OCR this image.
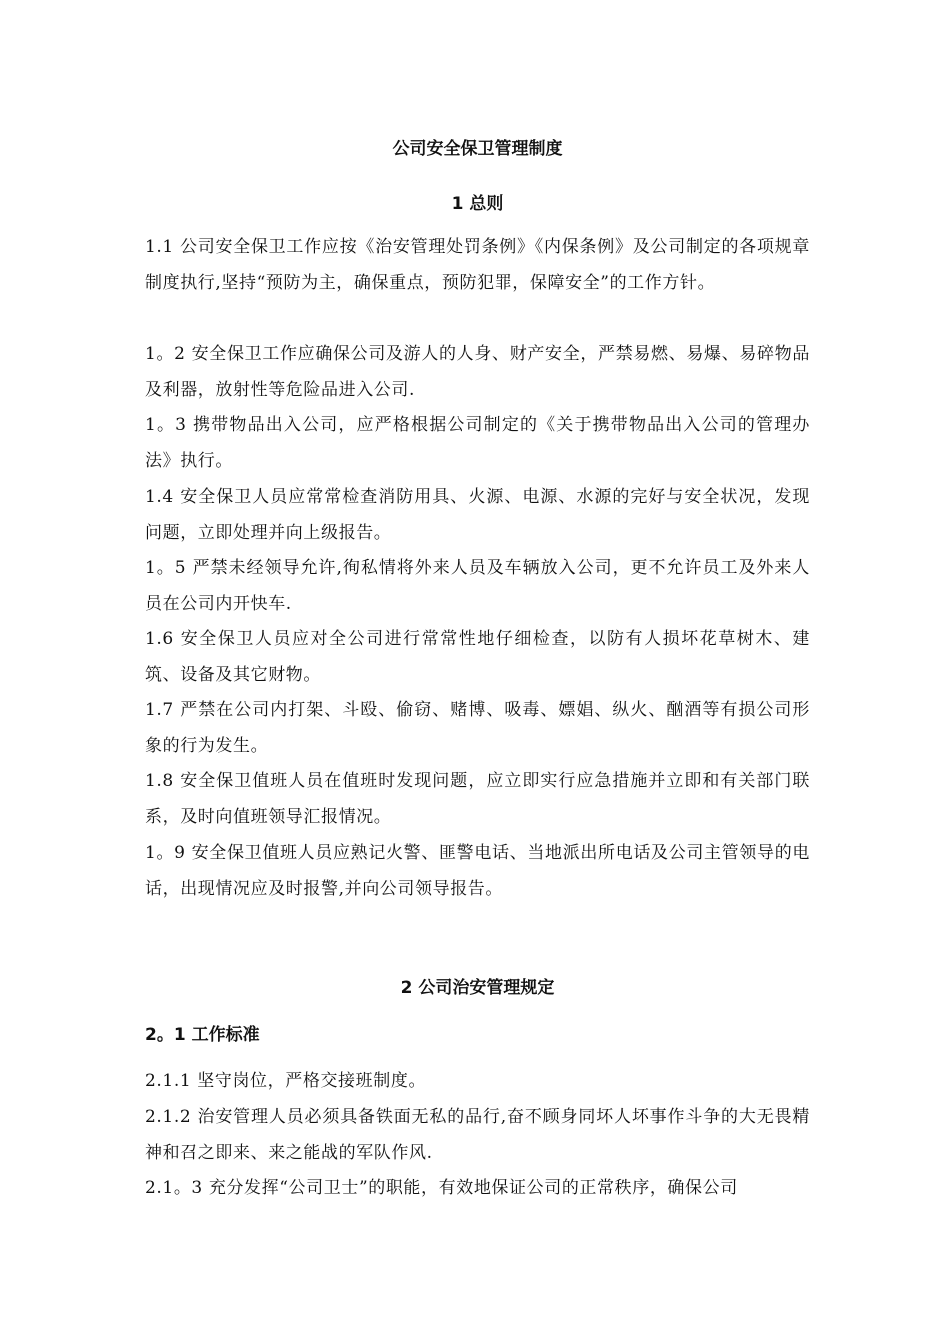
公司安全保卫管理制度
1 总则

1.1 公司安全保卫工作应按《治安管理处罚条例》《内保条例》及公司制定的各项规章制度执行,坚持“预防为主，确保重点，预防犯罪，保障安全”的工作方针。

1。2 安全保卫工作应确保公司及游人的人身、财产安全，严禁易燃、易爆、易碎物品及利器，放射性等危险品进入公司.

1。3 携带物品出入公司，应严格根据公司制定的《关于携带物品出入公司的管理办法》执行。

1.4 安全保卫人员应常常检查消防用具、火源、电源、水源的完好与安全状况，发现问题，立即处理并向上级报告。

1。5 严禁未经领导允许,徇私情将外来人员及车辆放入公司，更不允许员工及外来人员在公司内开快车.

1.6 安全保卫人员应对全公司进行常常性地仔细检查，以防有人损坏花草树木、建筑、设备及其它财物。

1.7 严禁在公司内打架、斗殴、偷窃、赌博、吸毒、嫖娼、纵火、酗酒等有损公司形象的行为发生。

1.8 安全保卫值班人员在值班时发现问题，应立即实行应急措施并立即和有关部门联系，及时向值班领导汇报情况。

1。9 安全保卫值班人员应熟记火警、匪警电话、当地派出所电话及公司主管领导的电话，出现情况应及时报警,并向公司领导报告。

2 公司治安管理规定
2。1 工作标准

2.1.1 坚守岗位，严格交接班制度。

2.1.2 治安管理人员必须具备铁面无私的品行,奋不顾身同坏人坏事作斗争的大无畏精神和召之即来、来之能战的军队作风.

2.1。3 充分发挥“公司卫士”的职能，有效地保证公司的正常秩序，确保公司
